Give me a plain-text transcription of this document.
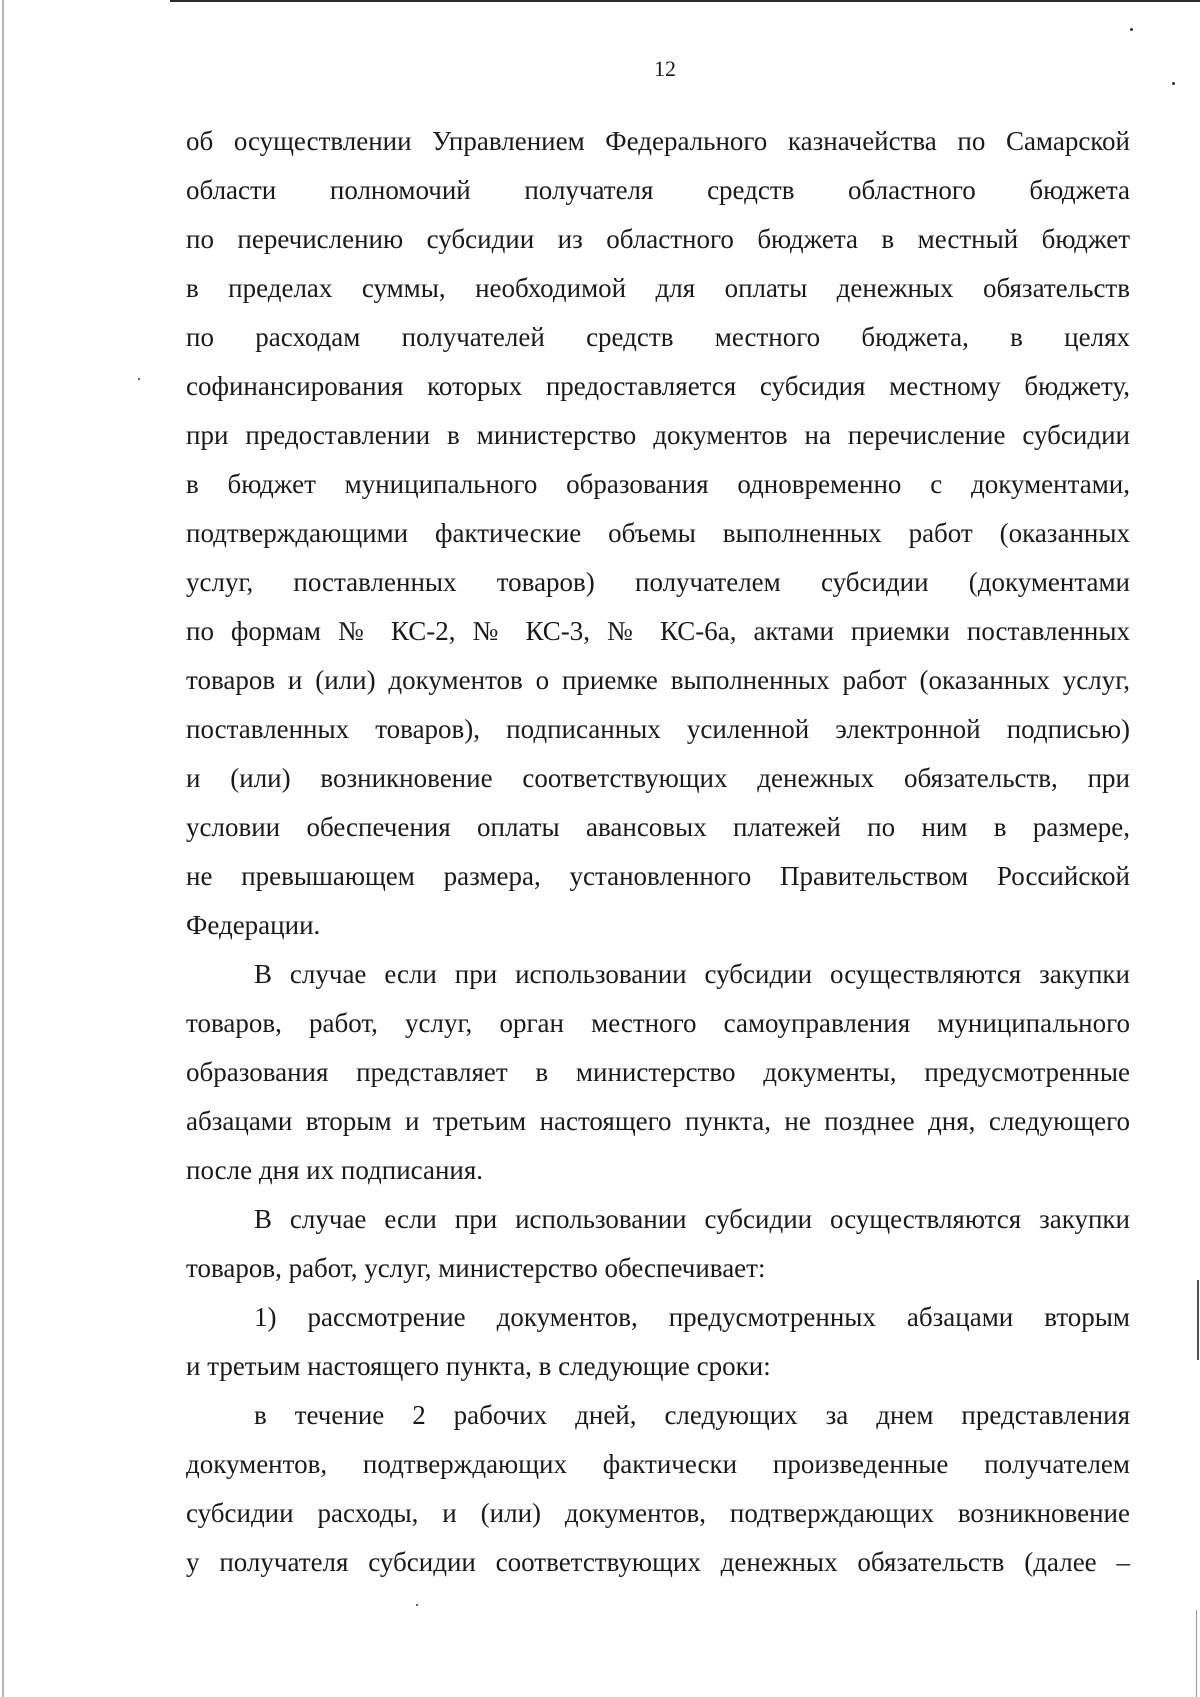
12
об осуществлении Управлением Федерального казначейства по Самарской
области полномочий получателя средств областного бюджета
по перечислению субсидии из областного бюджета в местный бюджет
в пределах суммы, необходимой для оплаты денежных обязательств
по расходам получателей средств местного бюджета, в целях
софинансирования которых предоставляется субсидия местному бюджету,
при предоставлении в министерство документов на перечисление субсидии
в бюджет муниципального образования одновременно с документами,
подтверждающими фактические объемы выполненных работ (оказанных
услуг, поставленных товаров) получателем субсидии (документами
по формам № КС-2, № КС-3, № КС-6а, актами приемки поставленных
товаров и (или) документов о приемке выполненных работ (оказанных услуг,
поставленных товаров), подписанных усиленной электронной подписью)
и (или) возникновение соответствующих денежных обязательств, при
условии обеспечения оплаты авансовых платежей по ним в размере,
не превышающем размера, установленного Правительством Российской
Федерации.
В случае если при использовании субсидии осуществляются закупки
товаров, работ, услуг, орган местного самоуправления муниципального
образования представляет в министерство документы, предусмотренные
абзацами вторым и третьим настоящего пункта, не позднее дня, следующего
после дня их подписания.
В случае если при использовании субсидии осуществляются закупки
товаров, работ, услуг, министерство обеспечивает:
1) рассмотрение документов, предусмотренных абзацами вторым
и третьим настоящего пункта, в следующие сроки:
в течение 2 рабочих дней, следующих за днем представления
документов, подтверждающих фактически произведенные получателем
субсидии расходы, и (или) документов, подтверждающих возникновение
у получателя субсидии соответствующих денежных обязательств (далее –
